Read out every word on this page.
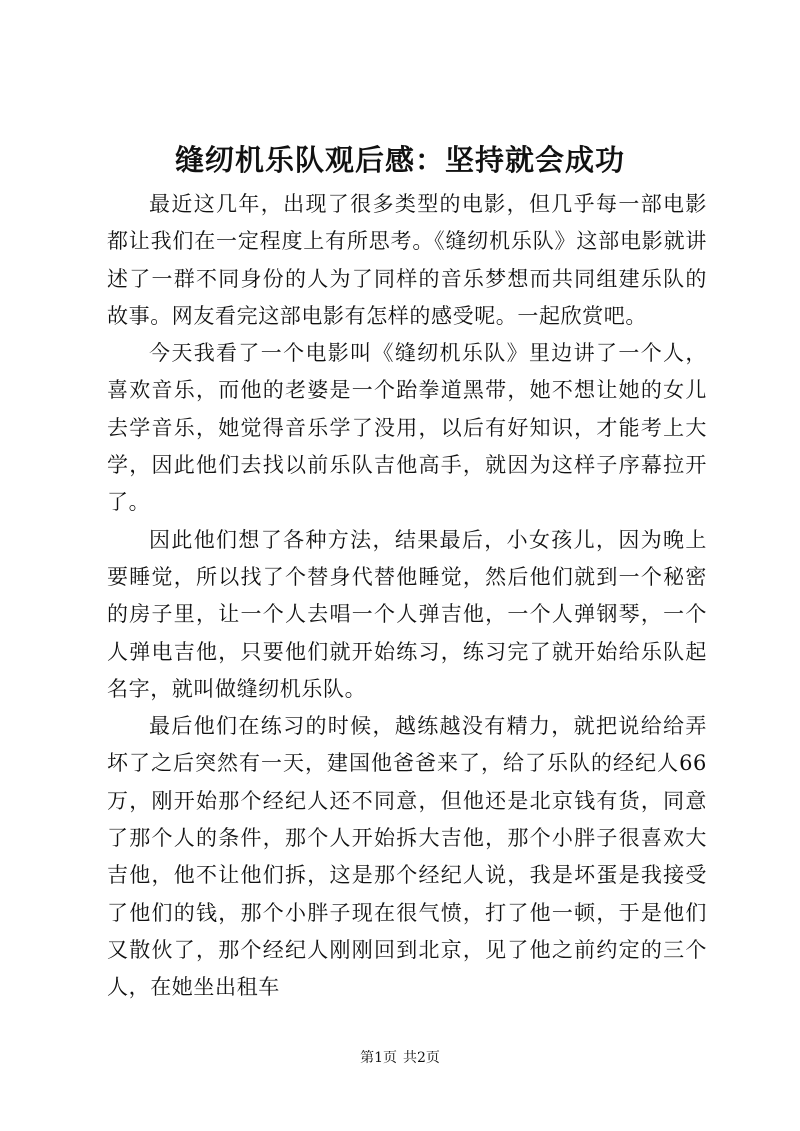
缝纫机乐队观后感：坚持就会成功

最近这几年，出现了很多类型的电影，但几乎每一部电影都让我们在一定程度上有所思考。《缝纫机乐队》这部电影就讲述了一群不同身份的人为了同样的音乐梦想而共同组建乐队的故事。网友看完这部电影有怎样的感受呢。一起欣赏吧。

今天我看了一个电影叫《缝纫机乐队》里边讲了一个人，喜欢音乐，而他的老婆是一个跆拳道黑带，她不想让她的女儿去学音乐，她觉得音乐学了没用，以后有好知识，才能考上大学，因此他们去找以前乐队吉他高手，就因为这样子序幕拉开了。

因此他们想了各种方法，结果最后，小女孩儿，因为晚上要睡觉，所以找了个替身代替他睡觉，然后他们就到一个秘密的房子里，让一个人去唱一个人弹吉他，一个人弹钢琴，一个人弹电吉他，只要他们就开始练习，练习完了就开始给乐队起名字，就叫做缝纫机乐队。

最后他们在练习的时候，越练越没有精力，就把说给给弄坏了之后突然有一天，建国他爸爸来了，给了乐队的经纪人66万，刚开始那个经纪人还不同意，但他还是北京钱有货，同意了那个人的条件，那个人开始拆大吉他，那个小胖子很喜欢大吉他，他不让他们拆，这是那个经纪人说，我是坏蛋是我接受了他们的钱，那个小胖子现在很气愤，打了他一顿，于是他们又散伙了，那个经纪人刚刚回到北京，见了他之前约定的三个人，在她坐出租车

第1页 共2页
